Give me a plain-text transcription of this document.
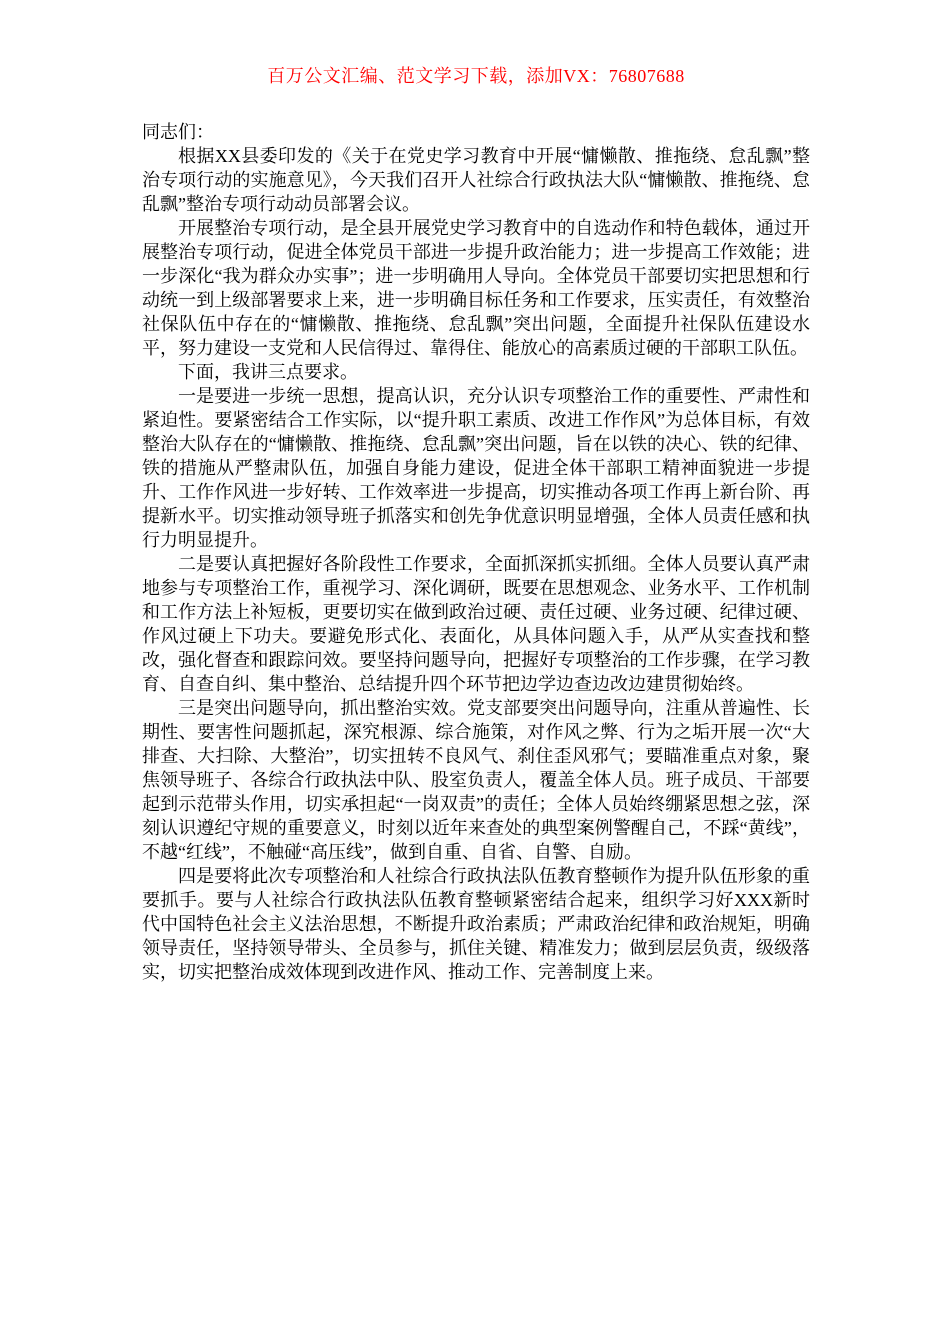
百万公文汇编、范文学习下载，添加VX：76807688

同志们：

根据XX县委印发的《关于在党史学习教育中开展“慵懒散、推拖绕、怠乱飘”整治专项行动的实施意见》，今天我们召开人社综合行政执法大队“慵懒散、推拖绕、怠乱飘”整治专项行动动员部署会议。

开展整治专项行动，是全县开展党史学习教育中的自选动作和特色载体，通过开展整治专项行动，促进全体党员干部进一步提升政治能力；进一步提高工作效能；进一步深化“我为群众办实事”；进一步明确用人导向。全体党员干部要切实把思想和行动统一到上级部署要求上来，进一步明确目标任务和工作要求，压实责任，有效整治社保队伍中存在的“慵懒散、推拖绕、怠乱飘”突出问题，全面提升社保队伍建设水平，努力建设一支党和人民信得过、靠得住、能放心的高素质过硬的干部职工队伍。

下面，我讲三点要求。

一是要进一步统一思想，提高认识，充分认识专项整治工作的重要性、严肃性和紧迫性。要紧密结合工作实际，以“提升职工素质、改进工作作风”为总体目标，有效整治大队存在的“慵懒散、推拖绕、怠乱飘”突出问题，旨在以铁的决心、铁的纪律、铁的措施从严整肃队伍，加强自身能力建设，促进全体干部职工精神面貌进一步提升、工作作风进一步好转、工作效率进一步提高，切实推动各项工作再上新台阶、再提新水平。切实推动领导班子抓落实和创先争优意识明显增强，全体人员责任感和执行力明显提升。

二是要认真把握好各阶段性工作要求，全面抓深抓实抓细。全体人员要认真严肃地参与专项整治工作，重视学习、深化调研，既要在思想观念、业务水平、工作机制和工作方法上补短板，更要切实在做到政治过硬、责任过硬、业务过硬、纪律过硬、作风过硬上下功夫。要避免形式化、表面化，从具体问题入手，从严从实查找和整改，强化督查和跟踪问效。要坚持问题导向，把握好专项整治的工作步骤，在学习教育、自查自纠、集中整治、总结提升四个环节把边学边查边改边建贯彻始终。

三是突出问题导向，抓出整治实效。党支部要突出问题导向，注重从普遍性、长期性、要害性问题抓起，深究根源、综合施策，对作风之弊、行为之垢开展一次“大排查、大扫除、大整治”，切实扭转不良风气、刹住歪风邪气；要瞄准重点对象，聚焦领导班子、各综合行政执法中队、股室负责人，覆盖全体人员。班子成员、干部要起到示范带头作用，切实承担起“一岗双责”的责任；全体人员始终绷紧思想之弦，深刻认识遵纪守规的重要意义，时刻以近年来查处的典型案例警醒自己，不踩“黄线”，不越“红线”，不触碰“高压线”，做到自重、自省、自警、自励。

四是要将此次专项整治和人社综合行政执法队伍教育整顿作为提升队伍形象的重要抓手。要与人社综合行政执法队伍教育整顿紧密结合起来，组织学习好XXX新时代中国特色社会主义法治思想，不断提升政治素质；严肃政治纪律和政治规矩，明确领导责任，坚持领导带头、全员参与，抓住关键、精准发力；做到层层负责，级级落实，切实把整治成效体现到改进作风、推动工作、完善制度上来。
